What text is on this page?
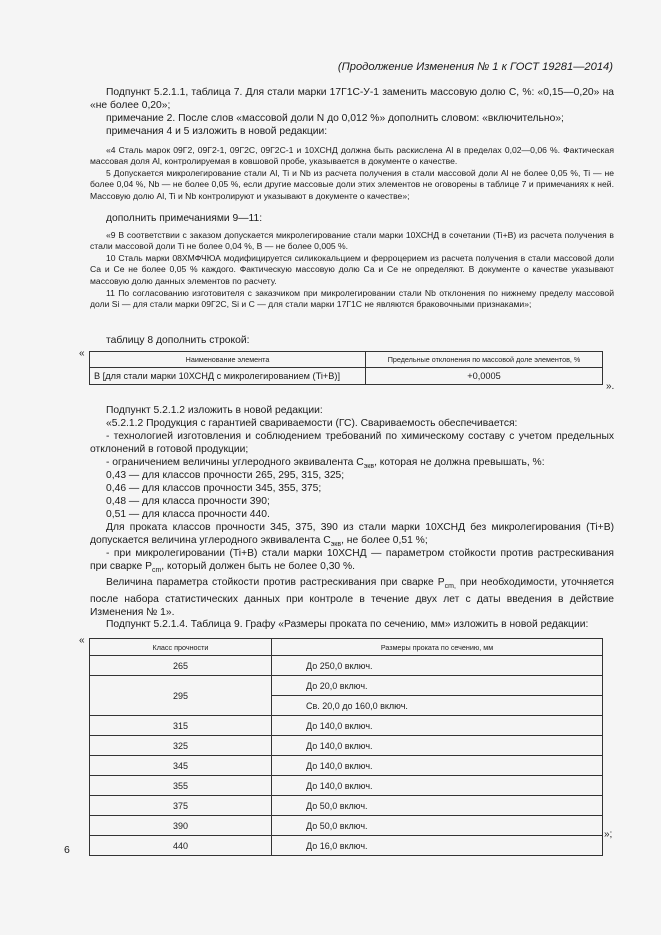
(Продолжение Изменения № 1 к ГОСТ 19281—2014)
Подпункт 5.2.1.1, таблица 7. Для стали марки 17Г1С-У-1 заменить массовую долю С, %: «0,15—0,20» на «не более 0,20»;
примечание 2. После слов «массовой доли N до 0,012 %» дополнить словом: «включительно»;
примечания 4 и 5 изложить в новой редакции:
«4 Сталь марок 09Г2, 09Г2-1, 09Г2С, 09Г2С-1 и 10ХСНД должна быть раскислена Al в пределах 0,02—0,06 %. Фактическая массовая доля Al, контролируемая в ковшовой пробе, указывается в документе о качестве.
5 Допускается микролегирование стали Al, Ti и Nb из расчета получения в стали массовой доли Al не более 0,05 %, Ti — не более 0,04 %, Nb — не более 0,05 %, если другие массовые доли этих элементов не оговорены в таблице 7 и примечаниях к ней. Массовую долю Al, Ti и Nb контролируют и указывают в документе о качестве»;
дополнить примечаниями 9—11:
«9 В соответствии с заказом допускается микролегирование стали марки 10ХСНД в сочетании (Ti+B) из расчета получения в стали массовой доли Ti не более 0,04 %, B — не более 0,005 %.
10 Сталь марки 08ХМФЧЮА модифицируется силикокальцием и ферроцерием из расчета получения в стали массовой доли Са и Се не более 0,05 % каждого. Фактическую массовую долю Са и Се не определяют. В документе о качестве указывают массовую долю данных элементов по расчету.
11 По согласованию изготовителя с заказчиком при микролегировании стали Nb отклонения по нижнему пределу массовой доли Si — для стали марки 09Г2С, Si и С — для стали марки 17Г1С не являются браковочными признаками»;
таблицу 8 дополнить строкой:
«
Наименование элемента	Предельные отклонения по массовой доле элементов, %
B [для стали марки 10ХСНД с микролегированием (Ti+B)]	+0,0005
».
Подпункт 5.2.1.2 изложить в новой редакции:
«5.2.1.2 Продукция с гарантией свариваемости (ГС). Свариваемость обеспечивается:
- технологией изготовления и соблюдением требований по химическому составу с учетом предельных отклонений в готовой продукции;
- ограничением величины углеродного эквивалента $С_{экв}$, которая не должна превышать, %:
0,43 — для классов прочности 265, 295, 315, 325;
0,46 — для классов прочности 345, 355, 375;
0,48 — для класса прочности 390;
0,51 — для класса прочности 440.
Для проката классов прочности 345, 375, 390 из стали марки 10ХСНД без микролегирования (Ti+B) допускается величина углеродного эквивалента $С_{экв}$, не более 0,51 %;
- при микролегировании (Ti+B) стали марки 10ХСНД — параметром стойкости против растрескивания при сварке $Р_{cm}$, который должен быть не более 0,30 %.
Величина параметра стойкости против растрескивания при сварке $Р_{cm,}$ при необходимости, уточняется после набора статистических данных при контроле в течение двух лет с даты введения в действие Изменения № 1».
Подпункт 5.2.1.4. Таблица 9. Графу «Размеры проката по сечению, мм» изложить в новой редакции:
«
Класс прочности	Размеры проката по сечению, мм
265	До 250,0 включ.
295	До 20,0 включ.
	Св. 20,0 до 160,0 включ.
315	До 140,0 включ.
325	До 140,0 включ.
345	До 140,0 включ.
355	До 140,0 включ.
375	До 50,0 включ.
390	До 50,0 включ.
440	До 16,0 включ.
»;
6
